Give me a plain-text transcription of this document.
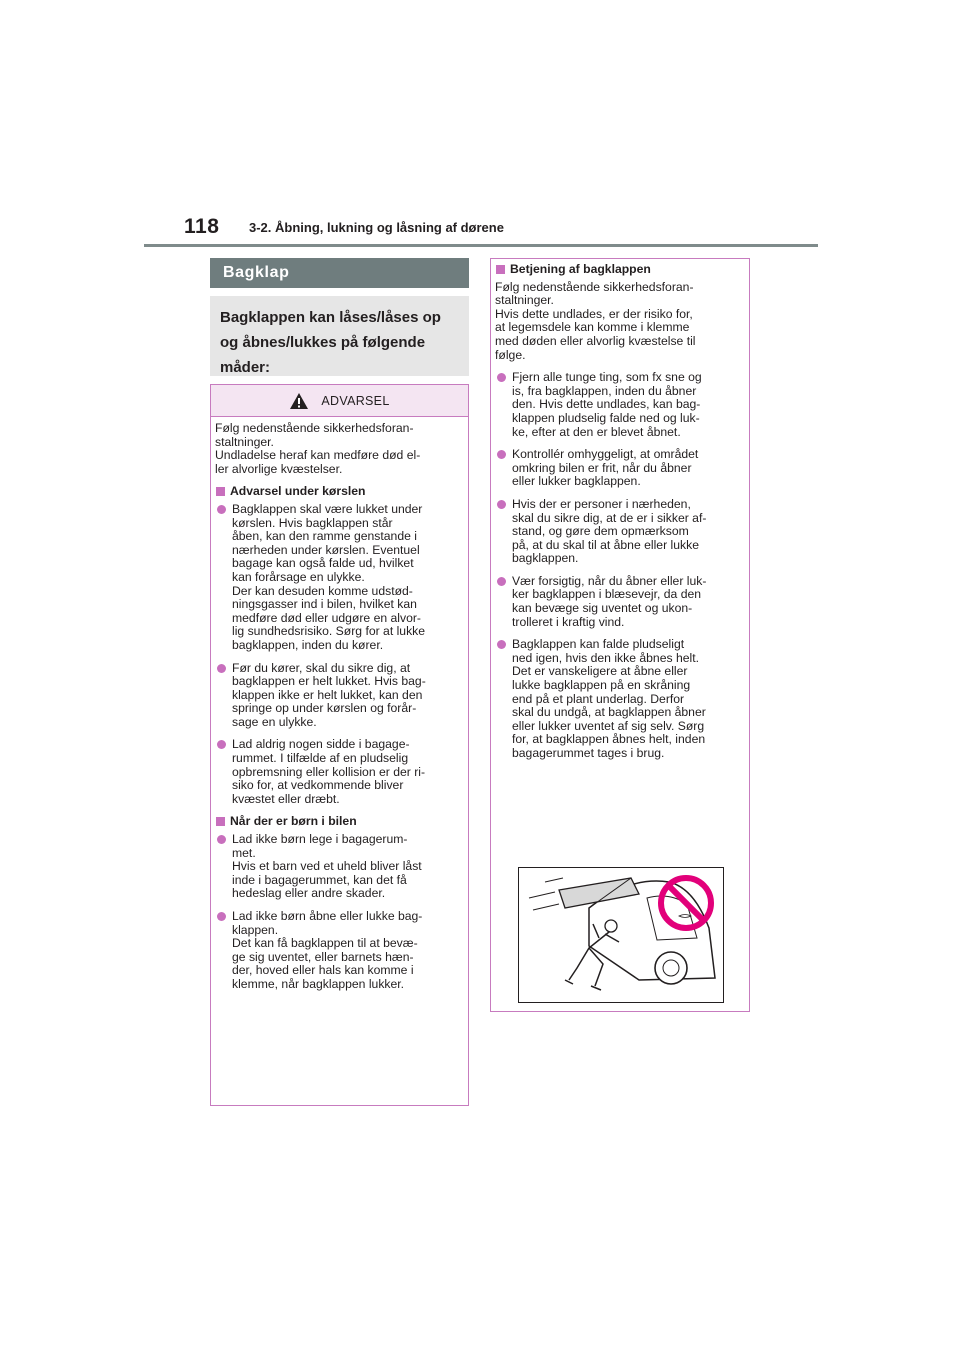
118 3-2. Åbning, lukning og låsning af dørene
Bagklap
Bagklappen kan låses/låses op og åbnes/lukkes på følgende måder:
ADVARSEL

Følg nedenstående sikkerhedsforan-
staltninger.
Undladelse heraf kan medføre død el-
ler alvorlige kvæstelser.

Advarsel under kørslen
Bagklappen skal være lukket under
kørslen. Hvis bagklappen står
åben, kan den ramme genstande i
nærheden under kørslen. Eventuel
bagage kan også falde ud, hvilket
kan forårsage en ulykke.
Der kan desuden komme udstød-
ningsgasser ind i bilen, hvilket kan
medføre død eller udgøre en alvor-
lig sundhedsrisiko. Sørg for at lukke
bagklappen, inden du kører.
Før du kører, skal du sikre dig, at
bagklappen er helt lukket. Hvis bag-
klappen ikke er helt lukket, kan den
springe op under kørslen og forår-
sage en ulykke.
Lad aldrig nogen sidde i bagage-
rummet. I tilfælde af en pludselig
opbremsning eller kollision er der ri-
siko for, at vedkommende bliver
kvæstet eller dræbt.
Når der er børn i bilen
Lad ikke børn lege i bagagerum-
met.
Hvis et barn ved et uheld bliver låst
inde i bagagerummet, kan det få
hedeslag eller andre skader.
Lad ikke børn åbne eller lukke bag-
klappen.
Det kan få bagklappen til at bevæ-
ge sig uventet, eller barnets hæn-
der, hoved eller hals kan komme i
klemme, når bagklappen lukker.
Betjening af bagklappen

Følg nedenstående sikkerhedsforan-
staltninger.
Hvis dette undlades, er der risiko for,
at legemsdele kan komme i klemme
med døden eller alvorlig kvæstelse til
følge.

Fjern alle tunge ting, som fx sne og
is, fra bagklappen, inden du åbner
den. Hvis dette undlades, kan bag-
klappen pludselig falde ned og luk-
ke, efter at den er blevet åbnet.
Kontrollér omhyggeligt, at området
omkring bilen er frit, når du åbner
eller lukker bagklappen.
Hvis der er personer i nærheden,
skal du sikre dig, at de er i sikker af-
stand, og gøre dem opmærksom
på, at du skal til at åbne eller lukke
bagklappen.
Vær forsigtig, når du åbner eller luk-
ker bagklappen i blæsevejr, da den
kan bevæge sig uventet og ukon-
trolleret i kraftig vind.
Bagklappen kan falde pludseligt
ned igen, hvis den ikke åbnes helt.
Det er vanskeligere at åbne eller
lukke bagklappen på en skråning
end på et plant underlag. Derfor
skal du undgå, at bagklappen åbner
eller lukker uventet af sig selv. Sørg
for, at bagklappen åbnes helt, inden
bagagerummet tages i brug.
